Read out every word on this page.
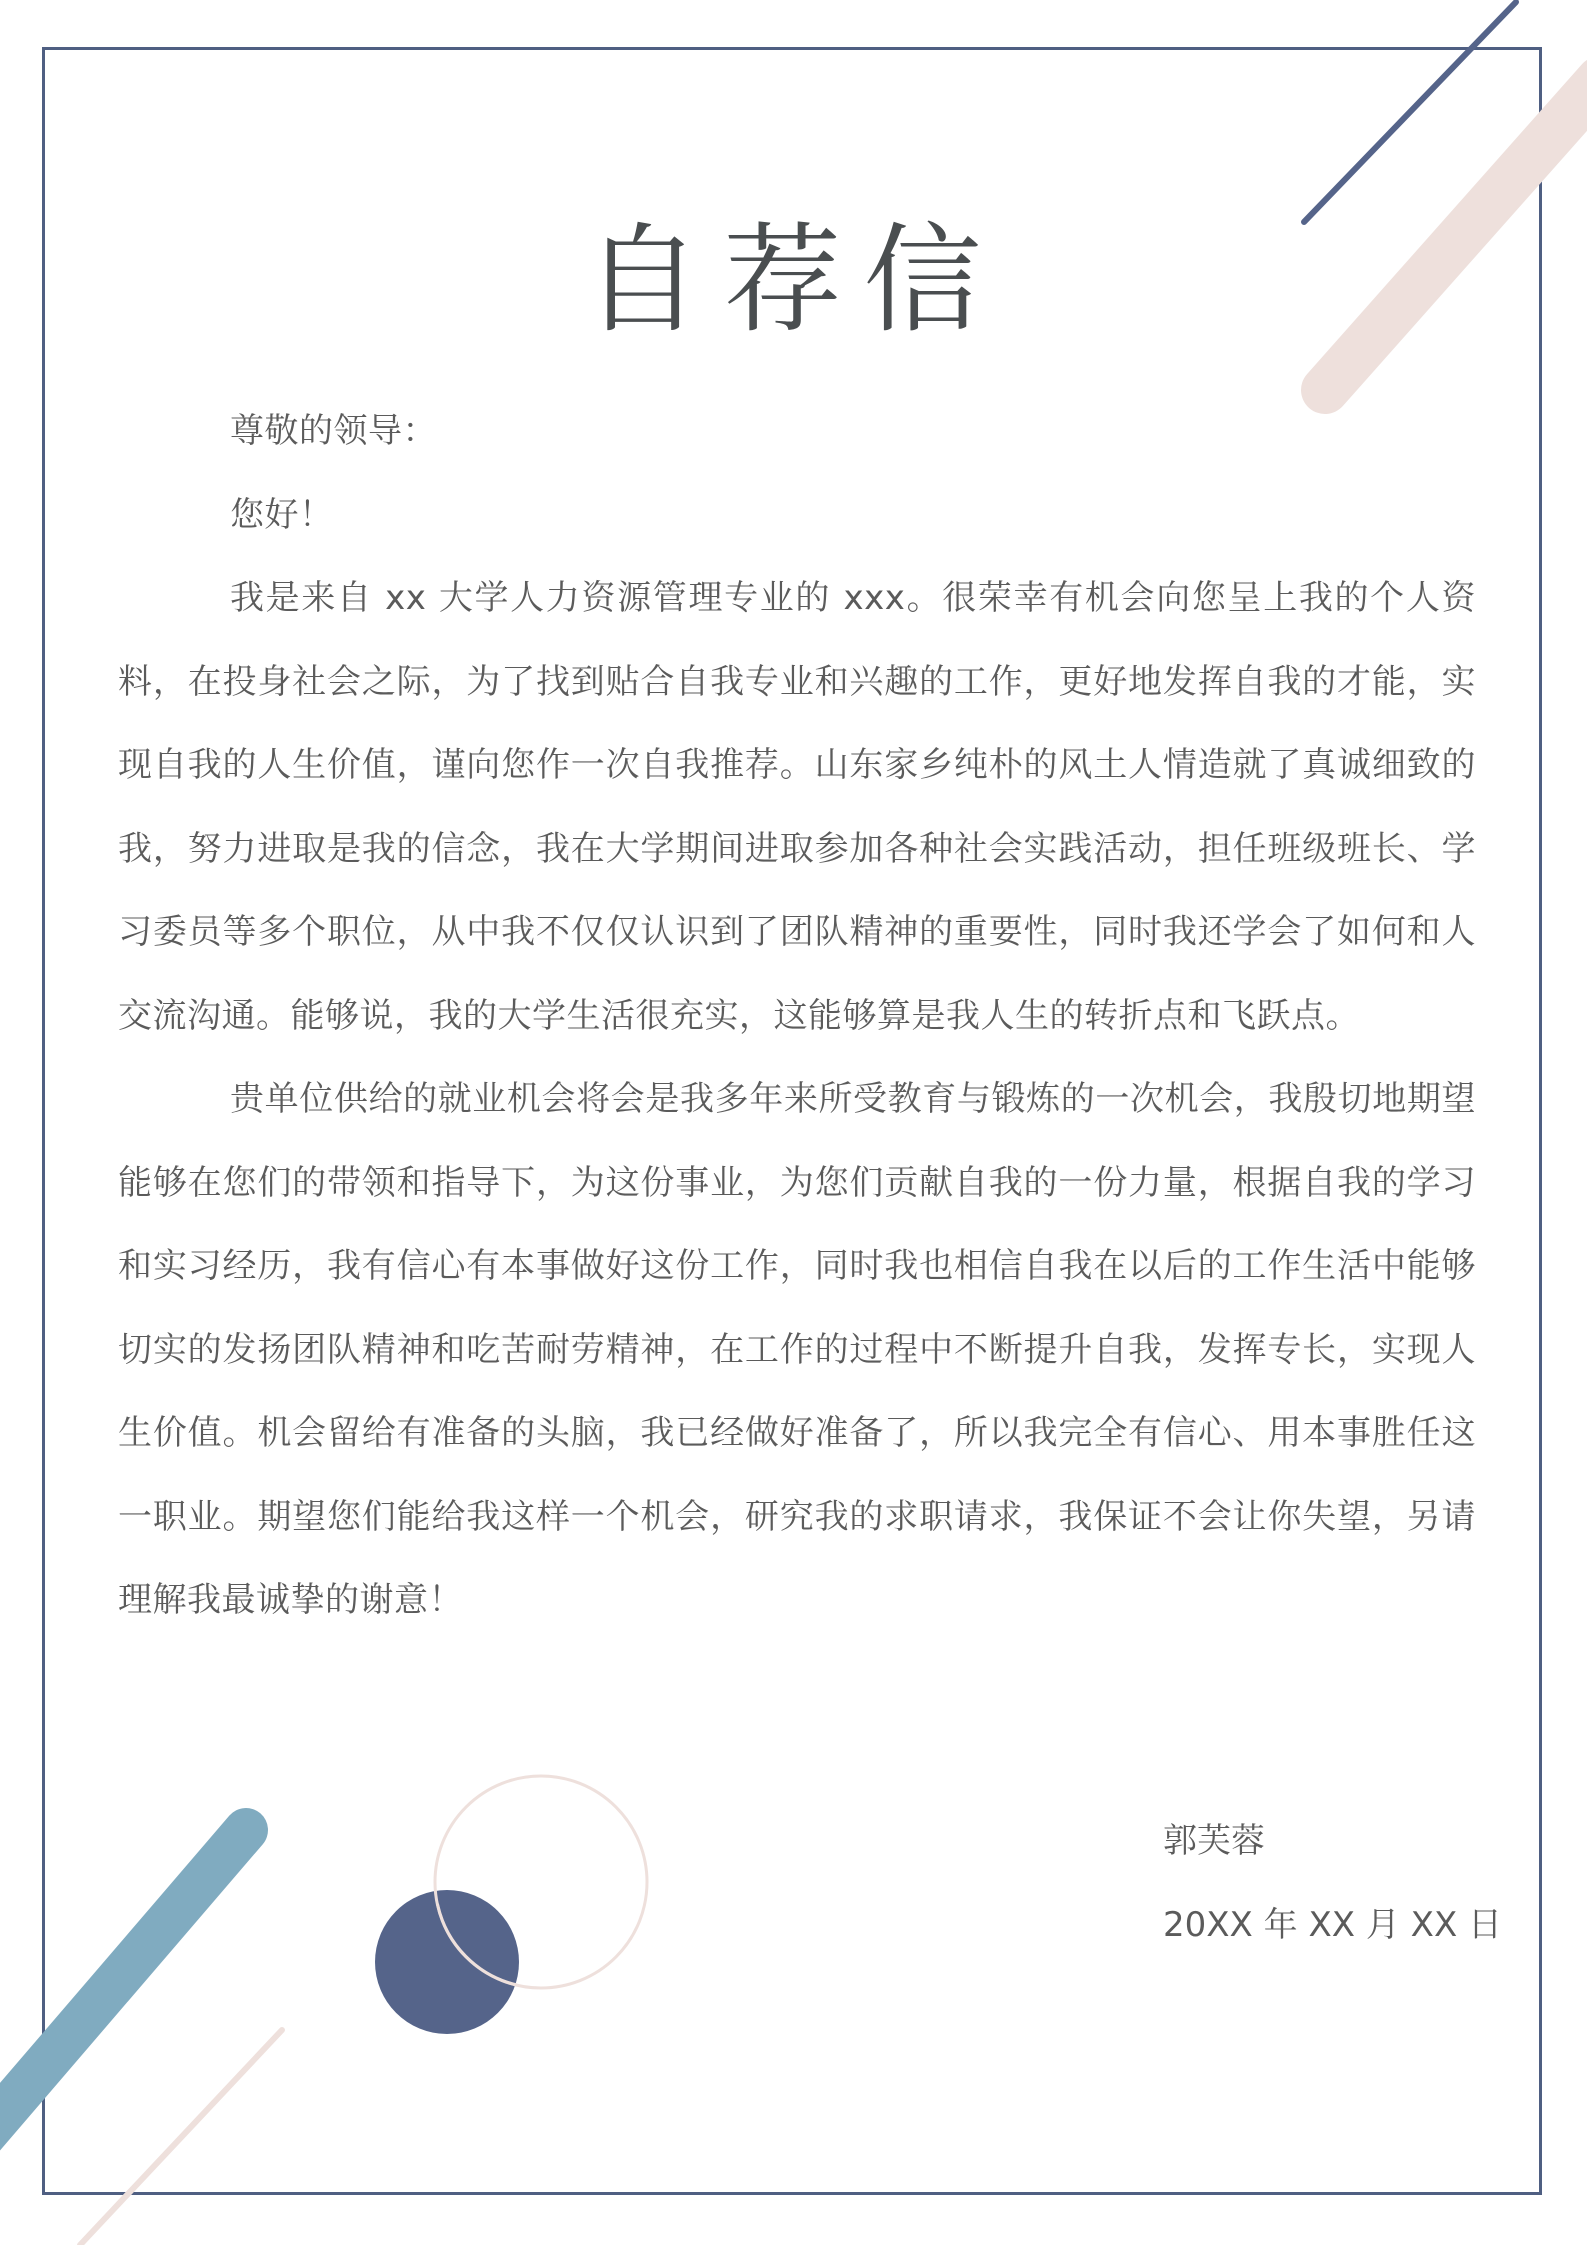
自荐信

尊敬的领导：

您好！

我是来自 xx 大学人力资源管理专业的 xxx。很荣幸有机会向您呈上我的个人资料，在投身社会之际，为了找到贴合自我专业和兴趣的工作，更好地发挥自我的才能，实现自我的人生价值，谨向您作一次自我推荐。山东家乡纯朴的风土人情造就了真诚细致的我，努力进取是我的信念，我在大学期间进取参加各种社会实践活动，担任班级班长、学习委员等多个职位，从中我不仅仅认识到了团队精神的重要性，同时我还学会了如何和人交流沟通。能够说，我的大学生活很充实，这能够算是我人生的转折点和飞跃点。

贵单位供给的就业机会将会是我多年来所受教育与锻炼的一次机会，我殷切地期望能够在您们的带领和指导下，为这份事业，为您们贡献自我的一份力量，根据自我的学习和实习经历，我有信心有本事做好这份工作，同时我也相信自我在以后的工作生活中能够切实的发扬团队精神和吃苦耐劳精神，在工作的过程中不断提升自我，发挥专长，实现人生价值。机会留给有准备的头脑，我已经做好准备了，所以我完全有信心、用本事胜任这一职业。期望您们能给我这样一个机会，研究我的求职请求，我保证不会让你失望，另请理解我最诚挚的谢意！

郭芙蓉

20XX 年 XX 月 XX 日
